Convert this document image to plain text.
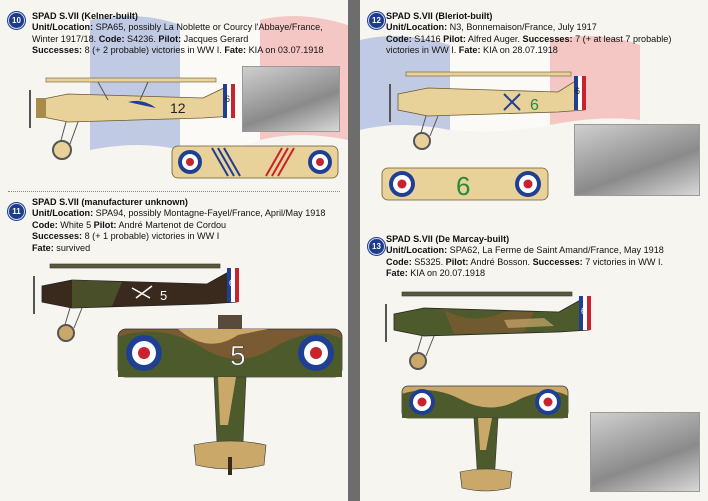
10	SPAD S.VII (Kelner-built)
Unit/Location: SPA65, possibly La Noblette or Courcy l'Abbaye/France, Winter 1917/18. Code: S4236. Pilot: Jacques Gerard
Successes: 8 (+ 2 probable) victories in WW I. Fate: KIA on 03.07.1918
12
6
11
SPAD S.VII (manufacturer unknown)
Unit/Location: SPA94, possibly Montagne-Fayel/France, April/May 1918
Code: White 5 Pilot: André Martenot de Cordou
Successes: 8 (+ 1 probable) victories in WW I
Fate: survived
5
6
5
12 SPAD S.VII (Bleriot-built)
Unit/Location: N3, Bonnemaison/France, July 1917
Code: S1416 Pilot: Alfred Auger. Successes: 7 (+ at least 7 probable) victories in WW I. Fate: KIA on 28.07.1918
6
6
6
13
SPAD S.VII (De Marcay-built)
Unit/Location: SPA62, La Ferme de Saint Amand/France, May 1918
Code: S5325. Pilot: André Bosson. Successes: 7 victories in WW I.
Fate: KIA on 20.07.1918
6
